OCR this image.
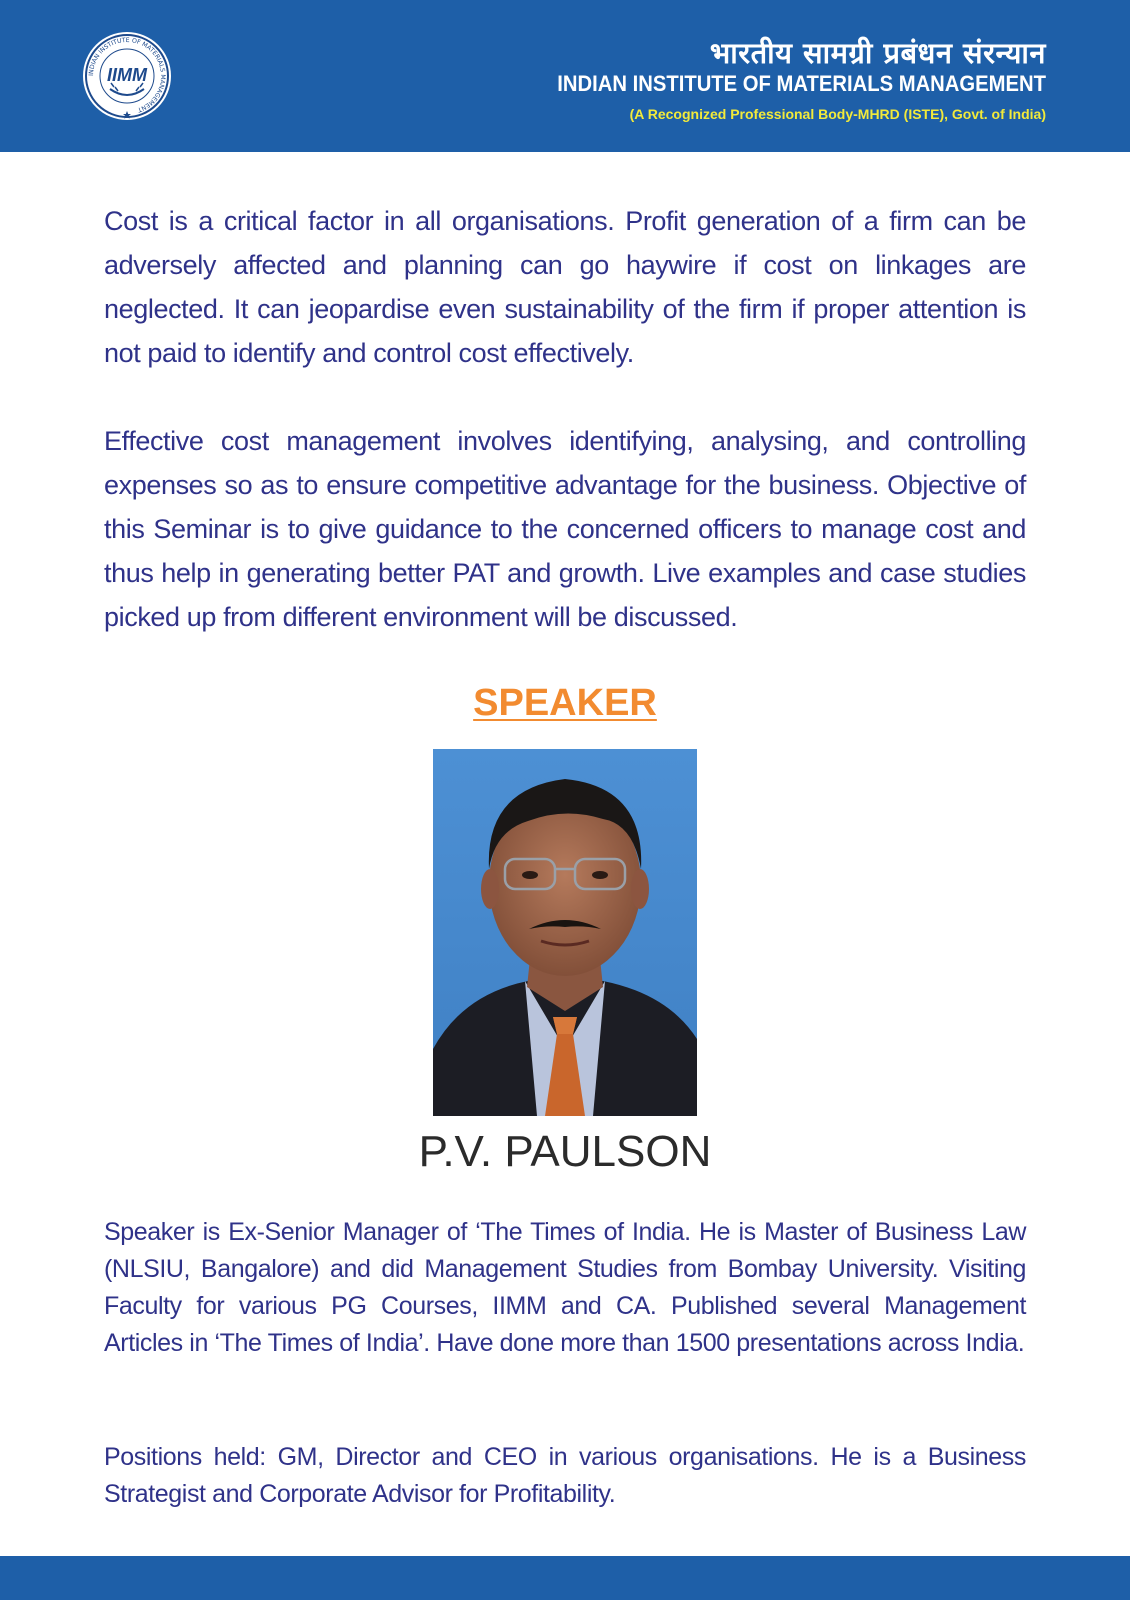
INDIAN INSTITUTE OF MATERIALS MANAGEMENT
IIMM
भारतीय सामग्री प्रबंधन संरन्यान
INDIAN INSTITUTE OF MATERIALS MANAGEMENT
(A Recognized Professional Body-MHRD (ISTE), Govt. of India)

Cost is a critical factor in all organisations. Profit generation of a firm can be adversely affected and planning can go haywire if cost on linkages are neglected. It can jeopardise even sustainability of the firm if proper attention is not paid to identify and control cost effectively.

Effective cost management involves identifying, analysing, and controlling expenses so as to ensure competitive advantage for the business. Objective of this Seminar is to give guidance to the concerned officers to manage cost and thus help in generating better PAT and growth. Live examples and case studies picked up from different environment will be discussed.

SPEAKER
P.V. PAULSON

Speaker is Ex-Senior Manager of ‘The Times of India. He is Master of Business Law (NLSIU, Bangalore) and did Management Studies from Bombay University. Visiting Faculty for various PG Courses, IIMM and CA. Published several Management Articles in ‘The Times of India’. Have done more than 1500 presentations across India.

Positions held: GM, Director and CEO in various organisations. He is a Business Strategist and Corporate Advisor for Profitability.
